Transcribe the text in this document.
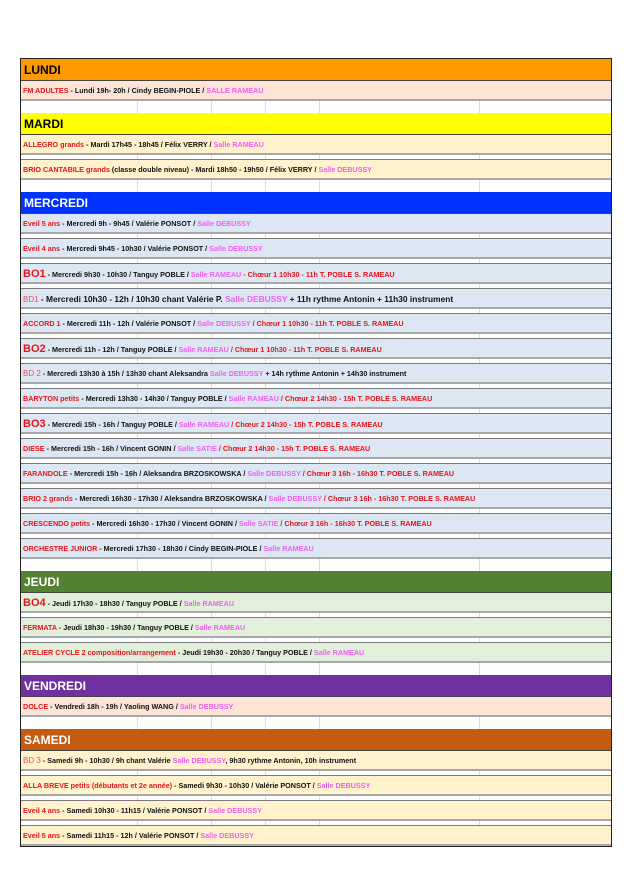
LUNDI
FM ADULTES - Lundi 19h- 20h / Cindy BEGIN-PIOLE / SALLE RAMEAU
MARDI
ALLEGRO grands - Mardi 17h45 - 18h45 / Félix VERRY / Salle RAMEAU
BRIO CANTABILE grands (classe double niveau) - Mardi 18h50 - 19h50 / Félix VERRY / Salle DEBUSSY
MERCREDI
Eveil 5 ans - Mercredi 9h - 9h45 / Valérie PONSOT / Salle DEBUSSY
Eveil 4 ans - Mercredi 9h45 - 10h30 / Valérie PONSOT / Salle DEBUSSY
BO1 - Mercredi 9h30 - 10h30 / Tanguy POBLE / Salle RAMEAU - Chœur 1 10h30 - 11h T. POBLE S. RAMEAU
BD1 - Mercredi 10h30 - 12h / 10h30 chant Valérie P. Salle DEBUSSY + 11h rythme Antonin + 11h30 instrument
ACCORD 1 - Mercredi 11h - 12h / Valérie PONSOT / Salle DEBUSSY / Chœur 1 10h30 - 11h T. POBLE S. RAMEAU
BO2 - Mercredi 11h - 12h / Tanguy POBLE / Salle RAMEAU / Chœur 1 10h30 - 11h T. POBLE S. RAMEAU
BD 2 - Mercredi 13h30 à 15h / 13h30 chant Aleksandra Salle DEBUSSY + 14h rythme Antonin + 14h30 instrument
BARYTON petits - Mercredi 13h30 - 14h30 / Tanguy POBLE / Salle RAMEAU / Chœur 2 14h30 - 15h T. POBLE S. RAMEAU
BO3 - Mercredi 15h - 16h / Tanguy POBLE / Salle RAMEAU / Chœur 2 14h30 - 15h T. POBLE S. RAMEAU
DIESE - Mercredi 15h - 16h / Vincent GONIN / Salle SATIE / Chœur 2 14h30 - 15h T. POBLE S. RAMEAU
FARANDOLE - Mercredi 15h - 16h / Aleksandra BRZOSKOWSKA / Salle DEBUSSY / Chœur 3 16h - 16h30 T. POBLE S. RAMEAU
BRIO 2 grands - Mercredi 16h30 - 17h30 / Aleksandra BRZOSKOWSKA / Salle DEBUSSY / Chœur 3 16h - 16h30 T. POBLE S. RAMEAU
CRESCENDO petits - Mercredi 16h30 - 17h30 / Vincent GONIN / Salle SATIE / Chœur 3 16h - 16h30 T. POBLE S. RAMEAU
ORCHESTRE JUNIOR - Mercredi 17h30 - 18h30 / Cindy BEGIN-PIOLE / Salle RAMEAU
JEUDI
BO4 - Jeudi 17h30 - 18h30 / Tanguy POBLE / Salle RAMEAU
FERMATA - Jeudi 18h30 - 19h30 / Tanguy POBLE / Salle RAMEAU
ATELIER CYCLE 2 composition/arrangement - Jeudi 19h30 - 20h30 / Tanguy POBLE / Salle RAMEAU
VENDREDI
DOLCE - Vendredi 18h - 19h / Yaoling WANG / Salle DEBUSSY
SAMEDI
BD 3 - Samedi 9h - 10h30 / 9h chant Valérie Salle DEBUSSY, 9h30 rythme Antonin, 10h instrument
ALLA BREVE petits (débutants et 2e année) - Samedi 9h30 - 10h30 / Valérie PONSOT / Salle DEBUSSY
Eveil 4 ans - Samedi 10h30 - 11h15 / Valérie PONSOT / Salle DEBUSSY
Eveil 5 ans - Samedi 11h15 - 12h / Valérie PONSOT / Salle DEBUSSY
